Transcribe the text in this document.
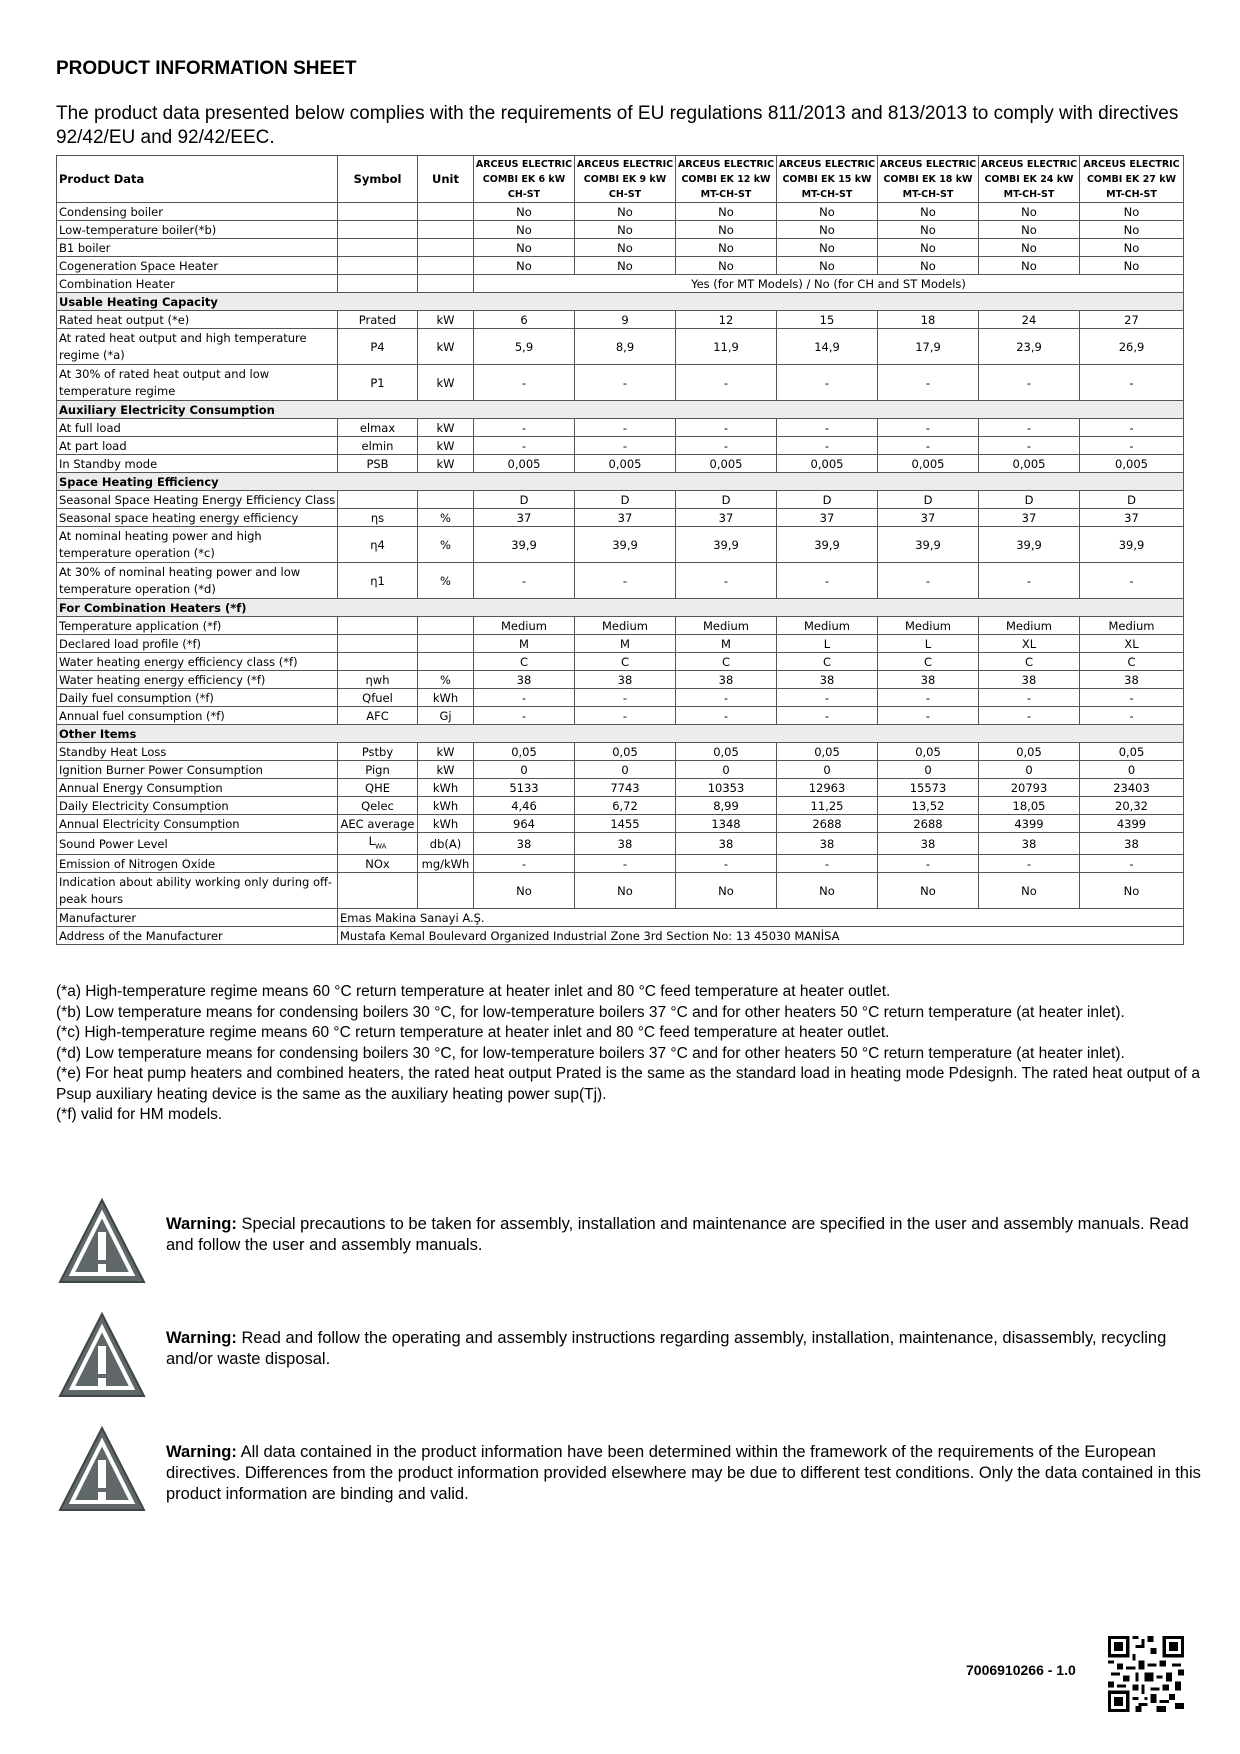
PRODUCT INFORMATION SHEET
The product data presented below complies with the requirements of EU regulations 811/2013 and 813/2013 to comply with directives 92/42/EU and 92/42/EEC.
Product Data	Symbol	Unit	ARCEUS ELECTRIC COMBI EK 6 kW CH-ST	ARCEUS ELECTRIC COMBI EK 9 kW CH-ST	ARCEUS ELECTRIC COMBI EK 12 kW MT-CH-ST	ARCEUS ELECTRIC COMBI EK 15 kW MT-CH-ST	ARCEUS ELECTRIC COMBI EK 18 kW MT-CH-ST	ARCEUS ELECTRIC COMBI EK 24 kW MT-CH-ST	ARCEUS ELECTRIC COMBI EK 27 kW MT-CH-ST
Condensing boiler			No	No	No	No	No	No	No
Low-temperature boiler(*b)			No	No	No	No	No	No	No
B1 boiler			No	No	No	No	No	No	No
Cogeneration Space Heater			No	No	No	No	No	No	No
Combination Heater			Yes (for MT Models) / No (for CH and ST Models)						
Usable Heating Capacity									
Rated heat output (*e)	Prated	kW	6	9	12	15	18	24	27
At rated heat output and high temperature regime (*a)	P4	kW	5,9	8,9	11,9	14,9	17,9	23,9	26,9
At 30% of rated heat output and low temperature regime	P1	kW	-	-	-	-	-	-	-
Auxiliary Electricity Consumption									
At full load	elmax	kW	-	-	-	-	-	-	-
At part load	elmin	kW	-	-	-	-	-	-	-
In Standby mode	PSB	kW	0,005	0,005	0,005	0,005	0,005	0,005	0,005
Space Heating Efficiency									
Seasonal Space Heating Energy Efficiency Class			D	D	D	D	D	D	D
Seasonal space heating energy efficiency	ηs	%	37	37	37	37	37	37	37
At nominal heating power and high temperature operation (*c)	η4	%	39,9	39,9	39,9	39,9	39,9	39,9	39,9
At 30% of nominal heating power and low temperature operation (*d)	η1	%	-	-	-	-	-	-	-
For Combination Heaters (*f)									
Temperature application (*f)			Medium	Medium	Medium	Medium	Medium	Medium	Medium
Declared load profile (*f)			M	M	M	L	L	XL	XL
Water heating energy efficiency class (*f)			C	C	C	C	C	C	C
Water heating energy efficiency (*f)	ηwh	%	38	38	38	38	38	38	38
Daily fuel consumption (*f)	Qfuel	kWh	-	-	-	-	-	-	-
Annual fuel consumption (*f)	AFC	Gj	-	-	-	-	-	-	-
Other Items									
Standby Heat Loss	Pstby	kW	0,05	0,05	0,05	0,05	0,05	0,05	0,05
Ignition Burner Power Consumption	Pign	kW	0	0	0	0	0	0	0
Annual Energy Consumption	QHE	kWh	5133	7743	10353	12963	15573	20793	23403
Daily Electricity Consumption	Qelec	kWh	4,46	6,72	8,99	11,25	13,52	18,05	20,32
Annual Electricity Consumption	AEC average	kWh	964	1455	1348	2688	2688	4399	4399
Sound Power Level	$L_{WA}$	db(A)	38	38	38	38	38	38	38
Emission of Nitrogen Oxide	NOx	mg/kWh	-	-	-	-	-	-	-
Indication about ability working only during off-peak hours			No	No	No	No	No	No	No
Manufacturer	Emas Makina Sanayi A.Ş.								
Address of the Manufacturer	Mustafa Kemal Boulevard Organized Industrial Zone 3rd Section No: 13 45030 MANİSA								
(*a) High-temperature regime means 60 °C return temperature at heater inlet and 80 °C feed temperature at heater outlet.
(*b) Low temperature means for condensing boilers 30 °C, for low-temperature boilers 37 °C and for other heaters 50 °C return temperature (at heater inlet).
(*c) High-temperature regime means 60 °C return temperature at heater inlet and 80 °C feed temperature at heater outlet.
(*d) Low temperature means for condensing boilers 30 °C, for low-temperature boilers 37 °C and for other heaters 50 °C return temperature (at heater inlet).
(*e) For heat pump heaters and combined heaters, the rated heat output Prated is the same as the standard load in heating mode Pdesignh. The rated heat output of a Psup auxiliary heating device is the same as the auxiliary heating power sup(Tj).
(*f) valid for HM models.
Warning: Special precautions to be taken for assembly, installation and maintenance are specified in the user and assembly manuals. Read and follow the user and assembly manuals.
Warning: Read and follow the operating and assembly instructions regarding assembly, installation, maintenance, disassembly, recycling and/or waste disposal.
Warning: All data contained in the product information have been determined within the framework of the requirements of the European directives. Differences from the product information provided elsewhere may be due to different test conditions. Only the data contained in this product information are binding and valid.
7006910266 - 1.0
